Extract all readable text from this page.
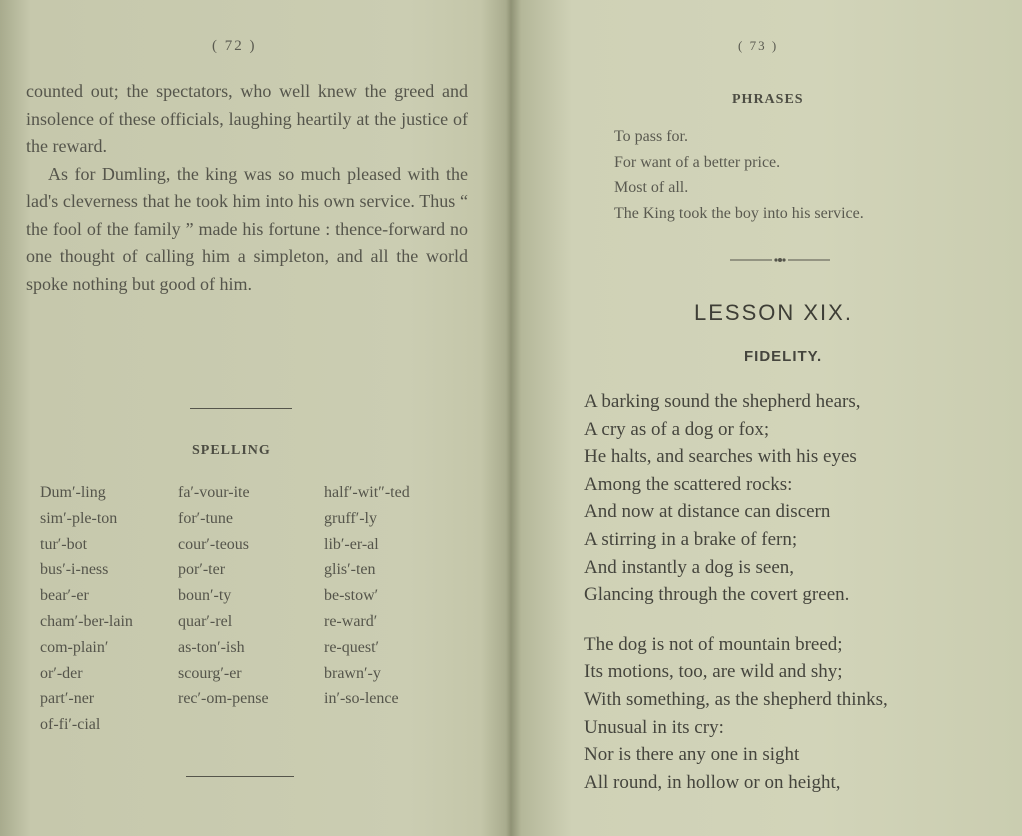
( 72 )

counted out; the spectators, who well knew the greed and insolence of these officials, laughing heartily at the justice of the reward.

As for Dumling, the king was so much pleased with the lad's cleverness that he took him into his own service. Thus “ the fool of the family ” made his fortune : thence-forward no one thought of calling him a simpleton, and all the world spoke nothing but good of him.

SPELLING
Dum′-ling
sim′-ple-ton
tur′-bot
bus′-i-ness
bear′-er
cham′-ber-lain
com-plain′
or′-der
part′-ner
of-fi′-cial
fa′-vour-ite
for′-tune
cour′-teous
por′-ter
boun′-ty
quar′-rel
as-ton′-ish
scourg′-er
rec′-om-pense
half′-wit″-ted
gruff′-ly
lib′-er-al
glis′-ten
be-stow′
re-ward′
re-quest′
brawn′-y
in′-so-lence
( 73 )
PHRASES
To pass for.
For want of a better price.
Most of all.
The King took the boy into his service.
LESSON XIX.
FIDELITY.
A barking sound the shepherd hears,
A cry as of a dog or fox;
He halts, and searches with his eyes
Among the scattered rocks:
And now at distance can discern
A stirring in a brake of fern;
And instantly a dog is seen,
Glancing through the covert green.
The dog is not of mountain breed;
Its motions, too, are wild and shy;
With something, as the shepherd thinks,
Unusual in its cry:
Nor is there any one in sight
All round, in hollow or on height,
